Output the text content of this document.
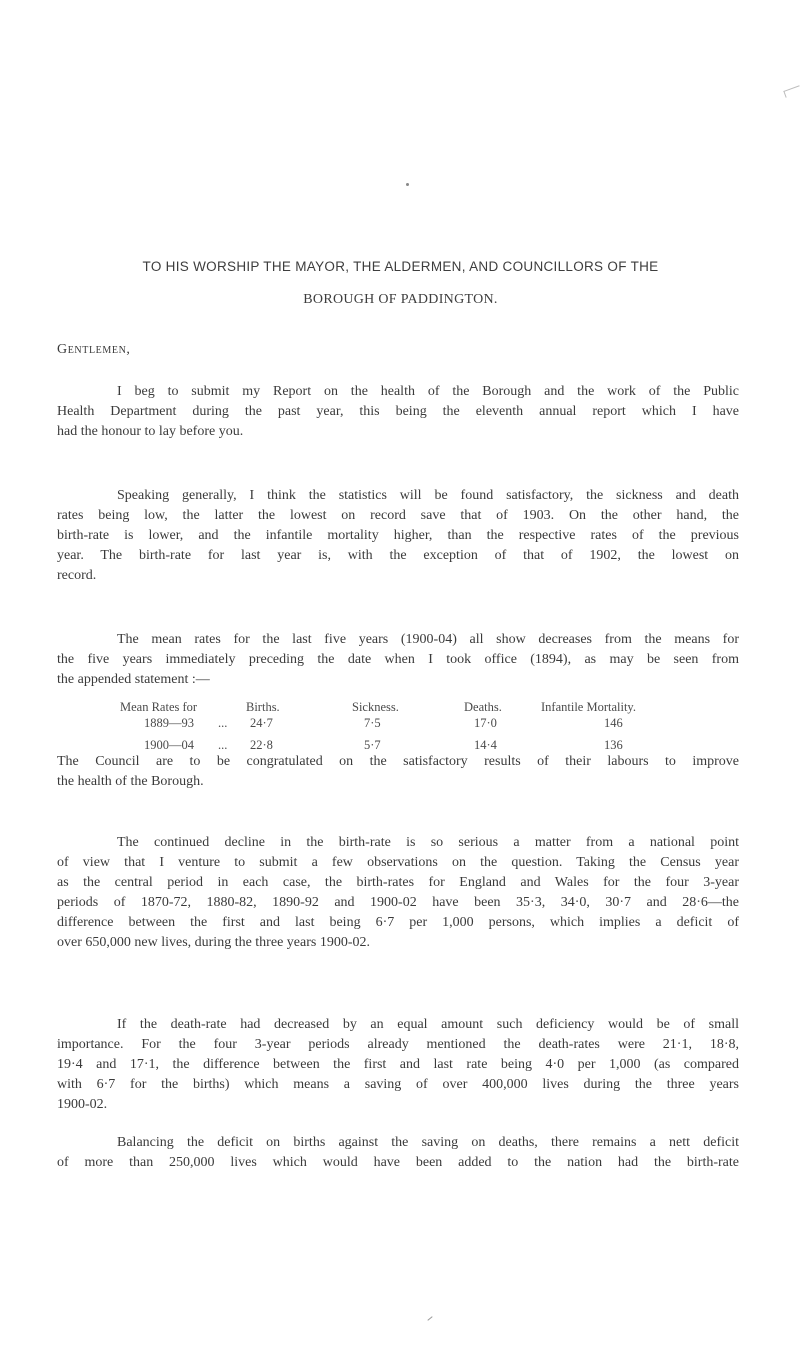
TO HIS WORSHIP THE MAYOR, THE ALDERMEN, AND COUNCILLORS OF THE
BOROUGH OF PADDINGTON.
Gentlemen,
I beg to submit my Report on the health of the Borough and the work of the Public
Health Department during the past year, this being the eleventh annual report which I have
had the honour to lay before you.
Speaking generally, I think the statistics will be found satisfactory, the sickness and death
rates being low, the latter the lowest on record save that of 1903. On the other hand, the
birth-rate is lower, and the infantile mortality higher, than the respective rates of the previous
year. The birth-rate for last year is, with the exception of that of 1902, the lowest on
record.
The mean rates for the last five years (1900-04) all show decreases from the means for
the five years immediately preceding the date when I took office (1894), as may be seen from
the appended statement :—
Mean Rates for	Births.	Sickness.	Deaths.	Infantile Mortality.
1889—93 ... 24·7	7·5	17·0	146
1900—04 ... 22·8	5·7	14·4	136
The Council are to be congratulated on the satisfactory results of their labours to improve
the health of the Borough.
The continued decline in the birth-rate is so serious a matter from a national point
of view that I venture to submit a few observations on the question. Taking the Census year
as the central period in each case, the birth-rates for England and Wales for the four 3-year
periods of 1870-72, 1880-82, 1890-92 and 1900-02 have been 35·3, 34·0, 30·7 and 28·6—the
difference between the first and last being 6·7 per 1,000 persons, which implies a deficit of
over 650,000 new lives, during the three years 1900-02.
If the death-rate had decreased by an equal amount such deficiency would be of small
importance. For the four 3-year periods already mentioned the death-rates were 21·1, 18·8,
19·4 and 17·1, the difference between the first and last rate being 4·0 per 1,000 (as compared
with 6·7 for the births) which means a saving of over 400,000 lives during the three years
1900-02.
Balancing the deficit on births against the saving on deaths, there remains a nett deficit
of more than 250,000 lives which would have been added to the nation had the birth-rate
